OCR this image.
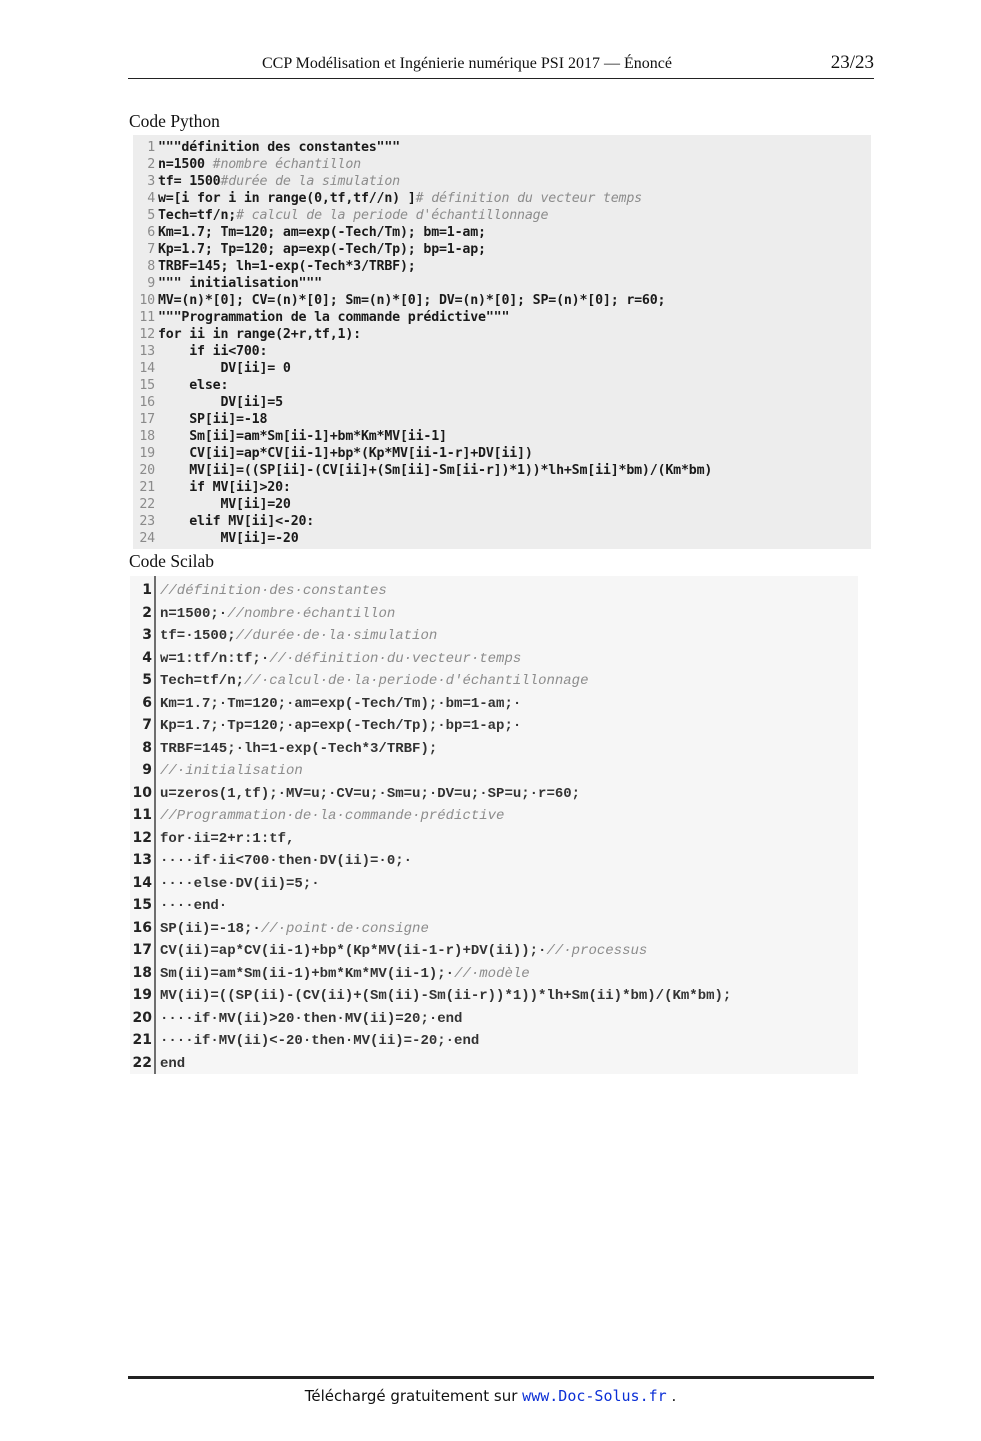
CCP Modélisation et Ingénierie numérique PSI 2017 — Énoncé	23/23
Code Python
1 """définition des constantes"""
2 n=1500 #nombre échantillon
3 tf= 1500#durée de la simulation
4 w=[i for i in range(0,tf,tf//n) ]# définition du vecteur temps
5 Tech=tf/n;# calcul de la periode d'échantillonnage
6 Km=1.7; Tm=120; am=exp(-Tech/Tm); bm=1-am;
7 Kp=1.7; Tp=120; ap=exp(-Tech/Tp); bp=1-ap;
8 TRBF=145; lh=1-exp(-Tech*3/TRBF);
9 """ initialisation"""
10 MV=(n)*[0]; CV=(n)*[0]; Sm=(n)*[0]; DV=(n)*[0]; SP=(n)*[0]; r=60;
11 """Programmation de la commande prédictive"""
12 for ii in range(2+r,tf,1):
13    if ii<700:
14        DV[ii]= 0
15    else:
16        DV[ii]=5
17    SP[ii]=-18
18    Sm[ii]=am*Sm[ii-1]+bm*Km*MV[ii-1]
19    CV[ii]=ap*CV[ii-1]+bp*(Kp*MV[ii-1-r]+DV[ii])
20    MV[ii]=((SP[ii]-(CV[ii]+(Sm[ii]-Sm[ii-r])*1))*lh+Sm[ii]*bm)/(Km*bm)
21    if MV[ii]>20:
22        MV[ii]=20
23    elif MV[ii]<-20:
24        MV[ii]=-20
Code Scilab
1 //définition·des·constantes
2 n=1500;·//nombre·échantillon
3 tf=·1500;//durée·de·la·simulation
4 w=1:tf/n:tf;·//·définition·du·vecteur·temps
5 Tech=tf/n;//·calcul·de·la·periode·d'échantillonnage
6 Km=1.7;·Tm=120;·am=exp(-Tech/Tm);·bm=1-am;·
7 Kp=1.7;·Tp=120;·ap=exp(-Tech/Tp);·bp=1-ap;·
8 TRBF=145;·lh=1-exp(-Tech*3/TRBF);
9 //·initialisation
10 u=zeros(1,tf);·MV=u;·CV=u;·Sm=u;·DV=u;·SP=u;·r=60;
11 //Programmation·de·la·commande·prédictive
12 for·ii=2+r:1:tf,
13 ····if·ii<700·then·DV(ii)=·0;·
14 ····else·DV(ii)=5;·
15 ····end·
16 SP(ii)=-18;·//·point·de·consigne
17 CV(ii)=ap*CV(ii-1)+bp*(Kp*MV(ii-1-r)+DV(ii));·//·processus
18 Sm(ii)=am*Sm(ii-1)+bm*Km*MV(ii-1);·//·modèle
19 MV(ii)=((SP(ii)-(CV(ii)+(Sm(ii)-Sm(ii-r))*1))*lh+Sm(ii)*bm)/(Km*bm);
20 ····if·MV(ii)>20·then·MV(ii)=20;·end
21 ····if·MV(ii)<-20·then·MV(ii)=-20;·end
22 end
Téléchargé gratuitement sur www.Doc-Solus.fr .
